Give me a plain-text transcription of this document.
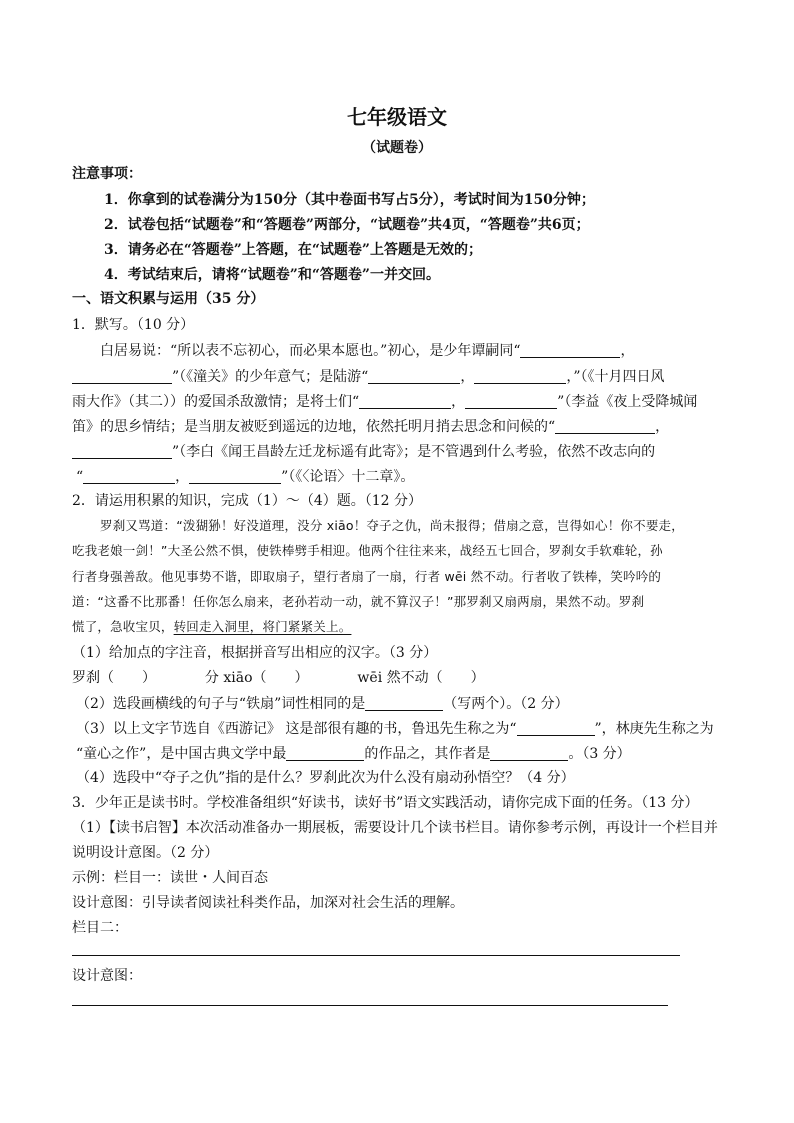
七年级语文
（试题卷）
注意事项：
1．你拿到的试卷满分为150分（其中卷面书写占5分），考试时间为150分钟；
2．试卷包括“试题卷”和“答题卷”两部分，“试题卷”共4页，“答题卷”共6页；
3．请务必在“答题卷”上答题，在“试题卷”上答题是无效的；
4．考试结束后，请将“试题卷”和“答题卷”一并交回。
一、语文积累与运用（35 分）
1．默写。（10 分）
白居易说：“所以表不忘初心，而必果本愿也。”初心，是少年谭嗣同“	，
”（《潼关》的少年意气；是陆游“	，	，”（《十月四日风
雨大作》（其二））的爱国杀敌激情；是将士们“	，	”（李益《夜上受降城闻
笛》的思乡情结；是当朋友被贬到遥远的边地，依然托明月捎去思念和问候的“	，
”（李白《闻王昌龄左迁龙标遥有此寄》；是不管遇到什么考验，依然不改志向的
“	，	”（《〈论语〉十二章》。
2．请运用积累的知识，完成（1）～（4）题。（12 分）
罗刹又骂道：“泼猢狲！好没道理，没分 xiāo！夺子之仇，尚未报得；借扇之意，岂得如心！你不要走，
吃我老娘一剑！”大圣公然不惧，使铁棒劈手相迎。他两个往往来来，战经五七回合，罗刹女手软难轮，孙
行者身强善敌。他见事势不谐，即取扇子，望行者扇了一扇，行者 wēi 然不动。行者收了铁棒，笑吟吟的
道：“这番不比那番！任你怎么扇来，老孙若动一动，就不算汉子！”那罗刹又扇两扇，果然不动。罗刹
慌了，急收宝贝，转回走入洞里，将门紧紧关上。
（1）给加点的字注音，根据拼音写出相应的汉字。（3 分）
罗刹（　　）	分 xiāo（　　）	wēi 然不动（　　）
（2）选段画横线的句子与“铁扇”词性相同的是	（写两个）。（2 分）
（3）以上文字节选自《西游记》 这是部很有趣的书，鲁迅先生称之为“	”，林庚先生称之为
“童心之作”，是中国古典文学中最	的作品之，其作者是	。（3 分）
（4）选段中“夺子之仇”指的是什么？罗刹此次为什么没有扇动孙悟空？（4 分）
3．少年正是读书时。学校准备组织“好读书，读好书”语文实践活动，请你完成下面的任务。（13 分）
（1）【读书启智】本次活动准备办一期展板，需要设计几个读书栏目。请你参考示例，再设计一个栏目并
说明设计意图。（2 分）
示例：栏目一：读世・人间百态
设计意图：引导读者阅读社科类作品，加深对社会生活的理解。
栏目二：
设计意图：
